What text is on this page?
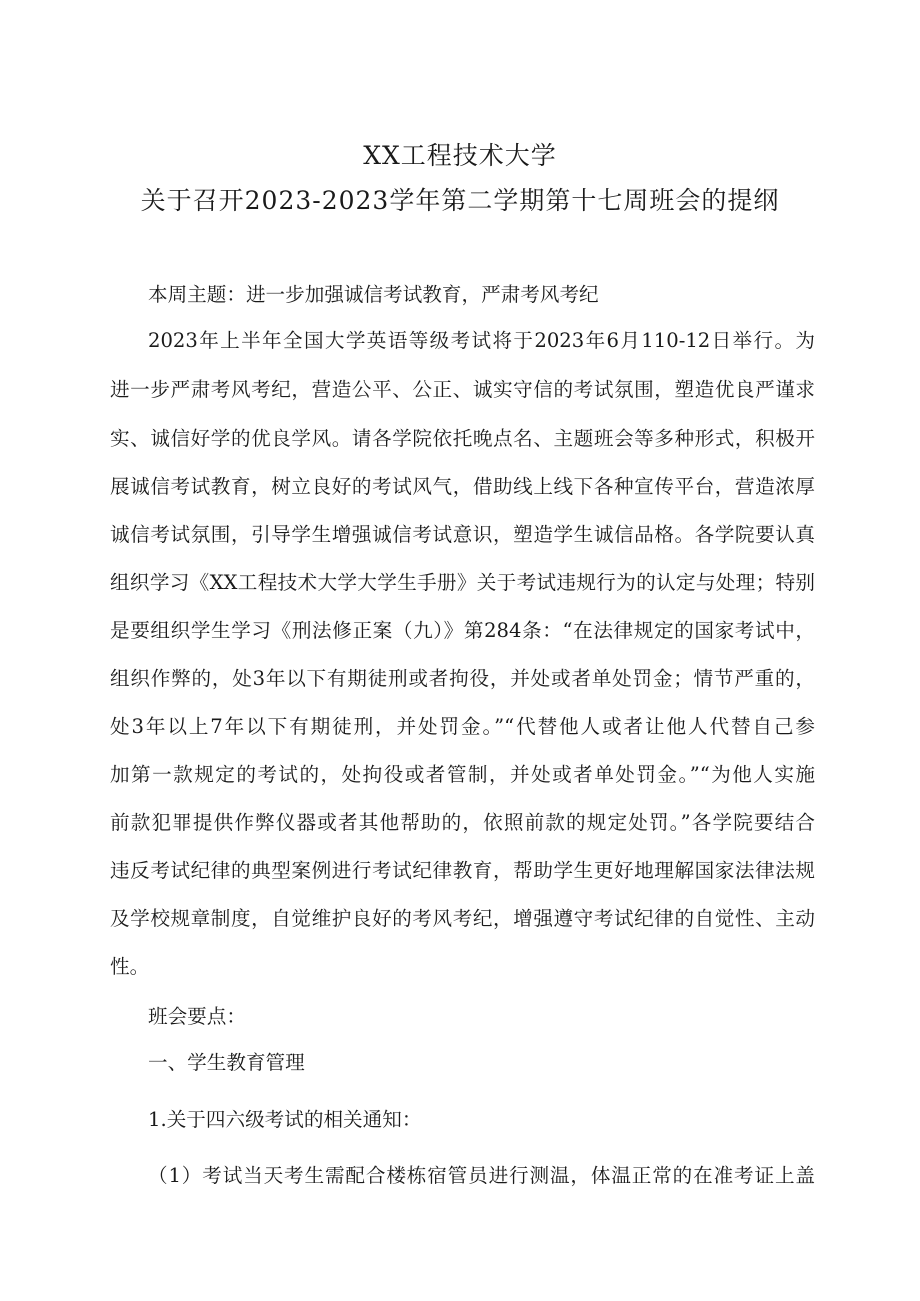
XX工程技术大学
关于召开2023-2023学年第二学期第十七周班会的提纲
本周主题：进一步加强诚信考试教育，严肃考风考纪
2023年上半年全国大学英语等级考试将于2023年6月110-12日举行。为
进一步严肃考风考纪，营造公平、公正、诚实守信的考试氛围，塑造优良严谨求
实、诚信好学的优良学风。请各学院依托晚点名、主题班会等多种形式，积极开
展诚信考试教育，树立良好的考试风气，借助线上线下各种宣传平台，营造浓厚
诚信考试氛围，引导学生增强诚信考试意识，塑造学生诚信品格。各学院要认真
组织学习《XX工程技术大学大学生手册》关于考试违规行为的认定与处理；特别
是要组织学生学习《刑法修正案（九）》第284条：“在法律规定的国家考试中，
组织作弊的，处3年以下有期徒刑或者拘役，并处或者单处罚金；情节严重的，
处3年以上7年以下有期徒刑，并处罚金。”“代替他人或者让他人代替自己参
加第一款规定的考试的，处拘役或者管制，并处或者单处罚金。”“为他人实施
前款犯罪提供作弊仪器或者其他帮助的，依照前款的规定处罚。”各学院要结合
违反考试纪律的典型案例进行考试纪律教育，帮助学生更好地理解国家法律法规
及学校规章制度，自觉维护良好的考风考纪，增强遵守考试纪律的自觉性、主动
性。
班会要点：
一、学生教育管理
1.关于四六级考试的相关通知：
（1）考试当天考生需配合楼栋宿管员进行测温，体温正常的在准考证上盖
